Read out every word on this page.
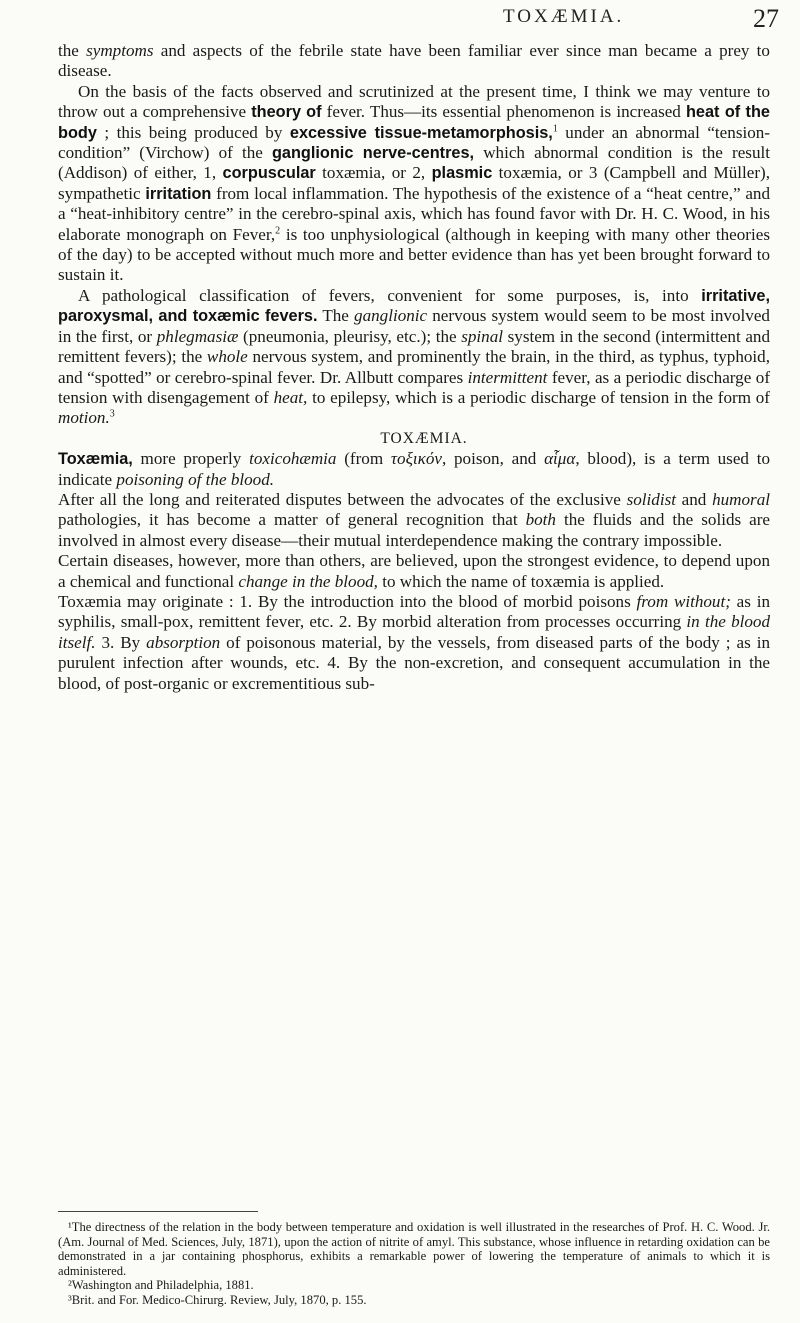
TOXÆMIA.	27

the symptoms and aspects of the febrile state have been familiar ever since man became a prey to disease.

On the basis of the facts observed and scrutinized at the present time, I think we may venture to throw out a comprehensive theory of fever. Thus—its essential phenomenon is increased heat of the body ; this being produced by excessive tissue-metamorphosis,$^1$ under an abnormal “tension-condition” (Virchow) of the ganglionic nerve-centres, which abnormal condition is the result (Addison) of either, 1, corpuscular toxæmia, or 2, plasmic toxæmia, or 3 (Campbell and Müller), sympathetic irritation from local inflammation. The hypothesis of the existence of a “heat centre,” and a “heat-inhibitory centre” in the cerebro-spinal axis, which has found favor with Dr. H. C. Wood, in his elaborate monograph on Fever,$^2$ is too unphysiological (although in keeping with many other theories of the day) to be accepted without much more and better evidence than has yet been brought forward to sustain it.

A pathological classification of fevers, convenient for some purposes, is, into irritative, paroxysmal, and toxæmic fevers. The ganglionic nervous system would seem to be most involved in the first, or phlegmasiæ (pneumonia, pleurisy, etc.); the spinal system in the second (intermittent and remittent fevers); the whole nervous system, and prominently the brain, in the third, as typhus, typhoid, and “spotted” or cerebro-spinal fever. Dr. Allbutt compares intermittent fever, as a periodic discharge of tension with disengagement of heat, to epilepsy, which is a periodic discharge of tension in the form of motion.$^3$

TOXÆMIA.

Toxæmia, more properly toxicohæmia (from τοξικόν, poison, and αἷμα, blood), is a term used to indicate poisoning of the blood.

After all the long and reiterated disputes between the advocates of the exclusive solidist and humoral pathologies, it has become a matter of general recognition that both the fluids and the solids are involved in almost every disease—their mutual interdependence making the contrary impossible.

Certain diseases, however, more than others, are believed, upon the strongest evidence, to depend upon a chemical and functional change in the blood, to which the name of toxæmia is applied.

Toxæmia may originate : 1. By the introduction into the blood of morbid poisons from without; as in syphilis, small-pox, remittent fever, etc. 2. By morbid alteration from processes occurring in the blood itself. 3. By absorption of poisonous material, by the vessels, from diseased parts of the body ; as in purulent infection after wounds, etc. 4. By the non-excretion, and consequent accumulation in the blood, of post-organic or excrementitious sub-

¹The directness of the relation in the body between temperature and oxidation is well illustrated in the researches of Prof. H. C. Wood. Jr. (Am. Journal of Med. Sciences, July, 1871), upon the action of nitrite of amyl. This substance, whose influence in retarding oxidation can be demonstrated in a jar containing phosphorus, exhibits a remarkable power of lowering the temperature of animals to which it is administered.

²Washington and Philadelphia, 1881.

³Brit. and For. Medico-Chirurg. Review, July, 1870, p. 155.
